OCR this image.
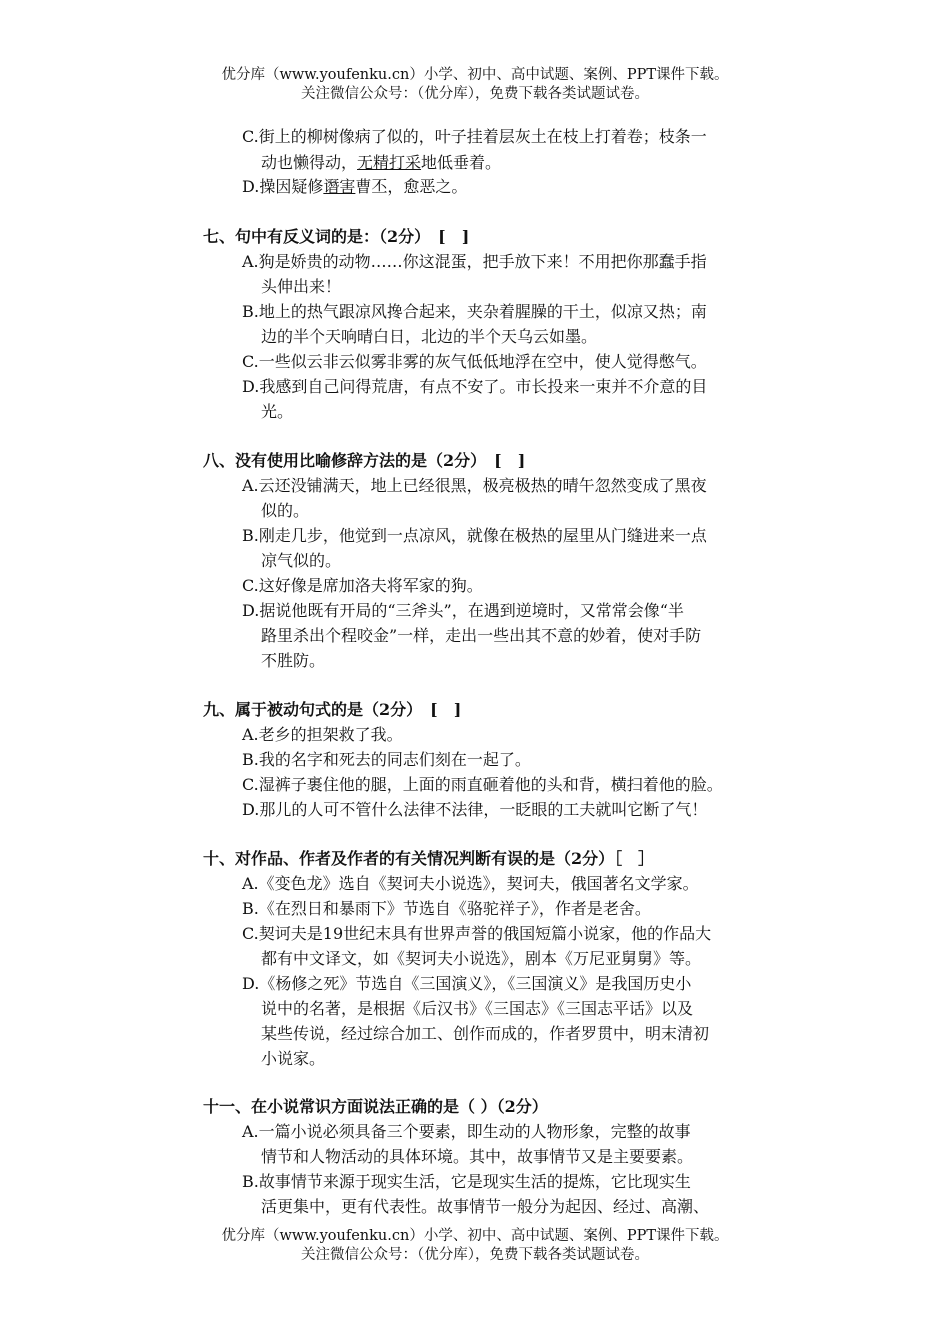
优分库（www.youfenku.cn）小学、初中、高中试题、案例、PPT课件下载。
关注微信公众号：（优分库），免费下载各类试题试卷。
C.街上的柳树像病了似的，叶子挂着层灰土在枝上打着卷；枝条一
动也懒得动，无精打采地低垂着。
D.操因疑修谮害曹丕，愈恶之。
七、句中有反义词的是：（2分）　[　]
A.狗是娇贵的动物……你这混蛋，把手放下来！不用把你那蠢手指
头伸出来！
B.地上的热气跟凉风搀合起来，夹杂着腥臊的干土，似凉又热；南
边的半个天响晴白日，北边的半个天乌云如墨。
C.一些似云非云似雾非雾的灰气低低地浮在空中，使人觉得憋气。
D.我感到自己问得荒唐，有点不安了。市长投来一束并不介意的目
光。
八、没有使用比喻修辞方法的是（2分）　[　]
A.云还没铺满天，地上已经很黑，极亮极热的晴午忽然变成了黑夜
似的。
B.刚走几步，他觉到一点凉风，就像在极热的屋里从门缝进来一点
凉气似的。
C.这好像是席加洛夫将军家的狗。
D.据说他既有开局的“三斧头”，在遇到逆境时，又常常会像“半
路里杀出个程咬金”一样，走出一些出其不意的妙着，使对手防
不胜防。
九、属于被动句式的是（2分）　[　]
A.老乡的担架救了我。
B.我的名字和死去的同志们刻在一起了。
C.湿裤子裹住他的腿，上面的雨直砸着他的头和背，横扫着他的脸。
D.那儿的人可不管什么法律不法律，一眨眼的工夫就叫它断了气！
十、对作品、作者及作者的有关情况判断有误的是（2分）［　］
A.《变色龙》选自《契诃夫小说选》，契诃夫，俄国著名文学家。
B.《在烈日和暴雨下》节选自《骆驼祥子》，作者是老舍。
C.契诃夫是19世纪末具有世界声誉的俄国短篇小说家，他的作品大
都有中文译文，如《契诃夫小说选》，剧本《万尼亚舅舅》等。
D.《杨修之死》节选自《三国演义》，《三国演义》是我国历史小
说中的名著，是根据《后汉书》《三国志》《三国志平话》以及
某些传说，经过综合加工、创作而成的，作者罗贯中，明末清初
小说家。
十一、在小说常识方面说法正确的是（ ）（2分）
A.一篇小说必须具备三个要素，即生动的人物形象，完整的故事
情节和人物活动的具体环境。其中，故事情节又是主要要素。
B.故事情节来源于现实生活，它是现实生活的提炼，它比现实生
活更集中，更有代表性。故事情节一般分为起因、经过、高潮、
优分库（www.youfenku.cn）小学、初中、高中试题、案例、PPT课件下载。
关注微信公众号：（优分库），免费下载各类试题试卷。
